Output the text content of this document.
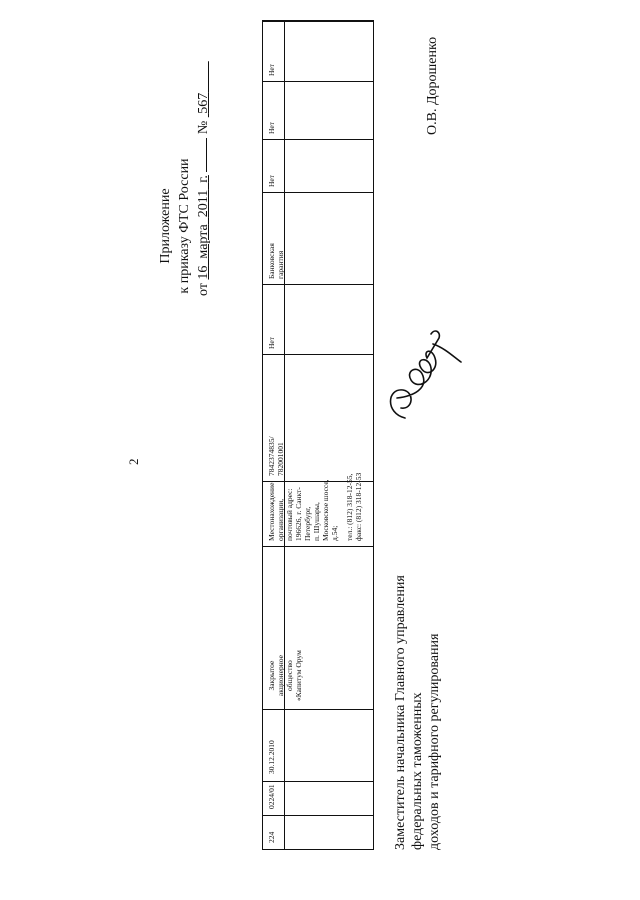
2
Приложение к приказу ФТС России от 16  марта  2011  г.  №  567
224
0224/01
30.12.2010
Закрытое акционерное общество «Капитум Орум
Местонахождение организации, почтовый адрес: 196626, г. Санкт- Петербург, п. Шушары, Московское шоссе, д.54; тел.: (812) 318-12-55, факс: (812) 318-12-53
7842374835/ 782001001
Нет
Банковская гарантия
Нет
Нет
Нет
Заместитель начальника Главного управления федеральных таможенных доходов и тарифного регулирования
О.В. Дорошенко
